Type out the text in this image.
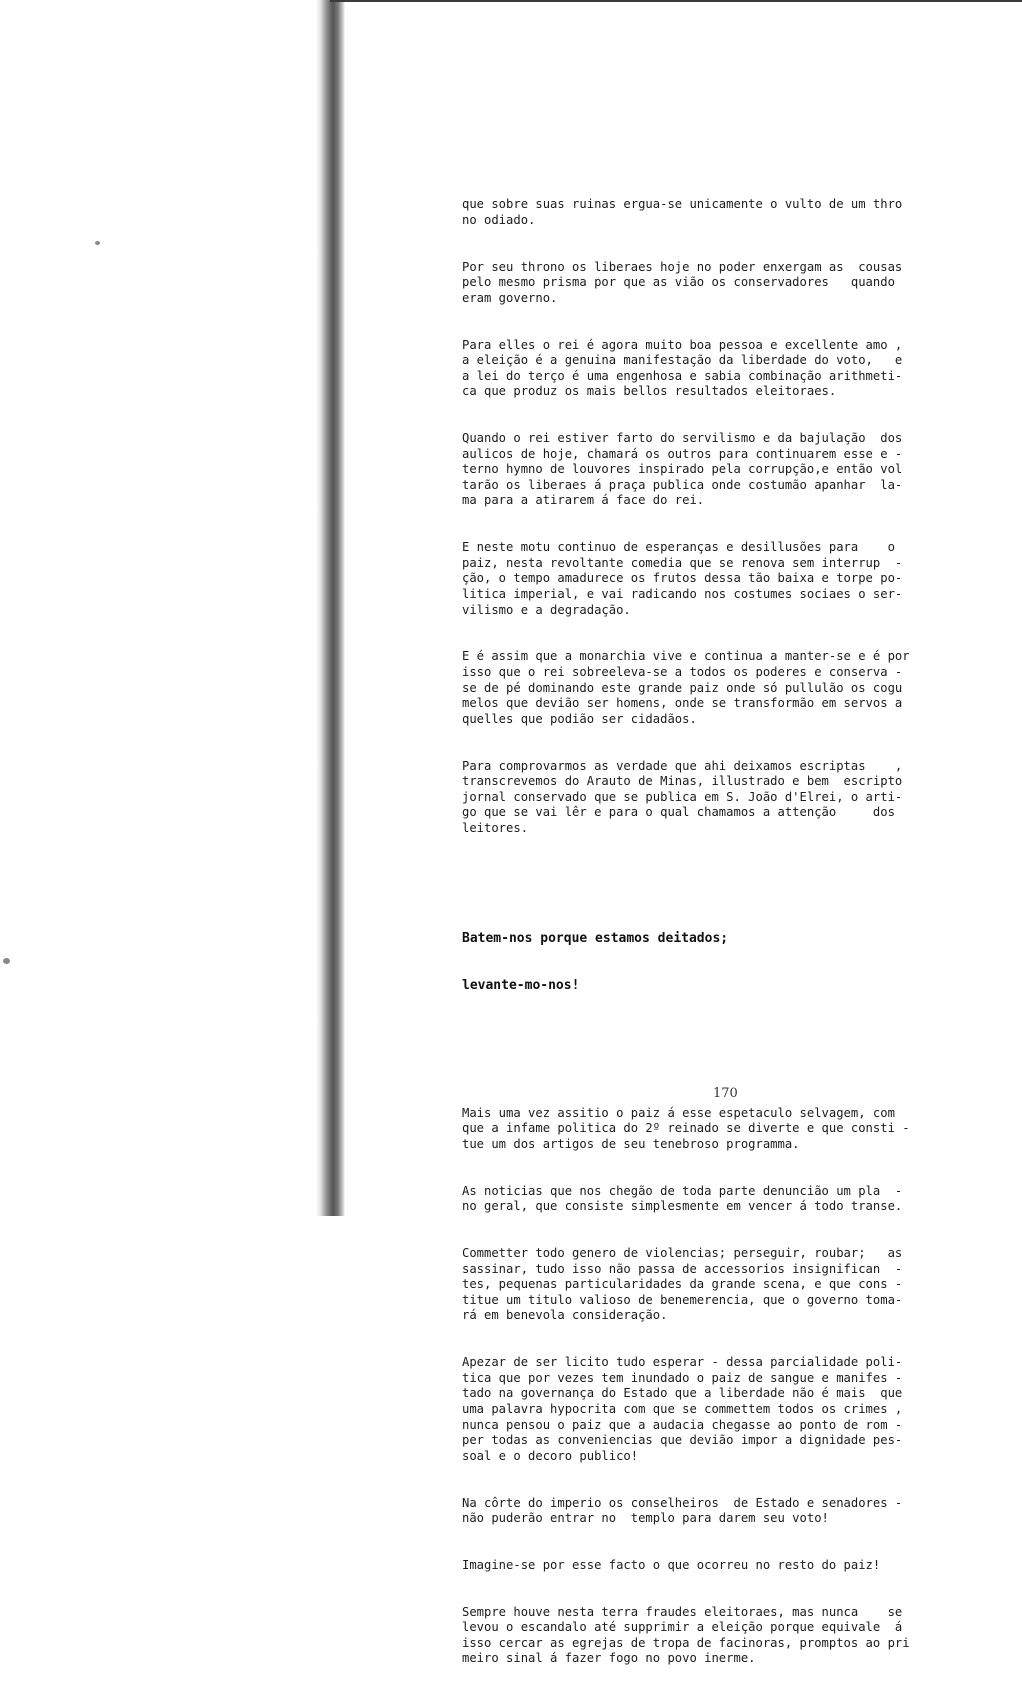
que sobre suas ruinas ergua-se unicamente o vulto de um thro
no odiado.

Por seu throno os liberaes hoje no poder enxergam as  cousas
pelo mesmo prisma por que as vião os conservadores   quando
eram governo.

Para elles o rei é agora muito boa pessoa e excellente amo ,
a eleição é a genuina manifestação da liberdade do voto,   e
a lei do terço é uma engenhosa e sabia combinação arithmeti-
ca que produz os mais bellos resultados eleitoraes.

Quando o rei estiver farto do servilismo e da bajulação  dos
aulicos de hoje, chamará os outros para continuarem esse e -
terno hymno de louvores inspirado pela corrupção,e então vol
tarão os liberaes á praça publica onde costumão apanhar  la-
ma para a atirarem á face do rei.

E neste motu continuo de esperanças e desillusões para    o
paiz, nesta revoltante comedia que se renova sem interrup  -
ção, o tempo amadurece os frutos dessa tão baixa e torpe po-
litica imperial, e vai radicando nos costumes sociaes o ser-
vilismo e a degradação.

E é assim que a monarchia vive e continua a manter-se e é por
isso que o rei sobreeleva-se a todos os poderes e conserva -
se de pé dominando este grande paiz onde só pullulão os cogu
melos que devião ser homens, onde se transformão em servos a
quelles que podião ser cidadãos.

Para comprovarmos as verdade que ahi deixamos escriptas    ,
transcrevemos do Arauto de Minas, illustrado e bem  escripto
jornal conservado que se publica em S. João d'Elrei, o arti-
go que se vai lêr e para o qual chamamos a attenção     dos
leitores.

Batem-nos porque estamos deitados;

levante-mo-nos!

Mais uma vez assitio o paiz á esse espetaculo selvagem, com
que a infame politica do 2º reinado se diverte e que consti -
tue um dos artigos de seu tenebroso programma.

As noticias que nos chegão de toda parte denuncião um pla  -
no geral, que consiste simplesmente em vencer á todo transe.

Commetter todo genero de violencias; perseguir, roubar;   as
sassinar, tudo isso não passa de accessorios insignifican  -
tes, pequenas particularidades da grande scena, e que cons -
titue um titulo valioso de benemerencia, que o governo toma-
rá em benevola consideração.

Apezar de ser licito tudo esperar - dessa parcialidade poli-
tica que por vezes tem inundado o paiz de sangue e manifes -
tado na governança do Estado que a liberdade não é mais  que
uma palavra hypocrita com que se commettem todos os crimes ,
nunca pensou o paiz que a audacia chegasse ao ponto de rom -
per todas as conveniencias que devião impor a dignidade pes-
soal e o decoro publico!

Na côrte do imperio os conselheiros  de Estado e senadores -
não puderão entrar no  templo para darem seu voto!

Imagine-se por esse facto o que ocorreu no resto do paiz!

Sempre houve nesta terra fraudes eleitoraes, mas nunca    se
levou o escandalo até supprimir a eleição porque equivale  á
isso cercar as egrejas de tropa de facinoras, promptos ao pri
meiro sinal á fazer fogo no povo inerme.

170
